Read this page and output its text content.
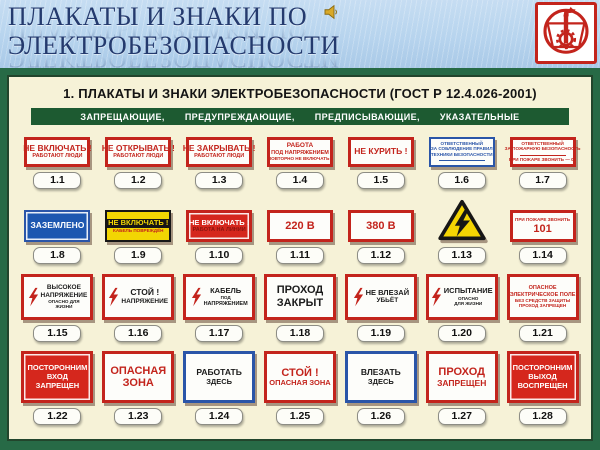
ПЛАКАТЫ И ЗНАКИ ПО
ЭЛЕКТРОБЕЗОПАСНОСТИ
1. ПЛАКАТЫ И ЗНАКИ ЭЛЕКТРОБЕЗОПАСНОСТИ (ГОСТ Р 12.4.026-2001)
ЗАПРЕЩАЮЩИЕ, ПРЕДУПРЕЖДАЮЩИЕ, ПРЕДПИСЫВАЮЩИЕ, УКАЗАТЕЛЬНЫЕ
НЕ ВКЛЮЧАТЬ !
РАБОТАЮТ ЛЮДИ
1.1
НЕ ОТКРЫВАТЬ !
РАБОТАЮТ ЛЮДИ
1.2
НЕ ЗАКРЫВАТЬ !
РАБОТАЮТ ЛЮДИ
1.3
РАБОТА
ПОД НАПРЯЖЕНИЕМ
ПОВТОРНО НЕ ВКЛЮЧАТЬ !
1.4
НЕ КУРИТЬ !
1.5
ОТВЕТСТВЕННЫЙ
ЗА СОБЛЮДЕНИЕ ПРАВИЛ
ТЕХНИКИ БЕЗОПАСНОСТИ
1.6
ОТВЕТСТВЕННЫЙ
ЗА ПОЖАРНУЮ БЕЗОПАСНОСТЬ
ПРИ ПОЖАРЕ ЗВОНИТЬ — 01
1.7
ЗАЗЕМЛЕНО
1.8
НЕ ВКЛЮЧАТЬ !
КАБЕЛЬ ПОВРЕЖДЁН
1.9
НЕ ВКЛЮЧАТЬ !
РАБОТА НА ЛИНИИ
1.10
220 В
1.11
380 В
1.12	1.13
ПРИ ПОЖАРЕ ЗВОНИТЬ
101
1.14
ВЫСОКОЕ
НАПРЯЖЕНИЕ
ОПАСНО ДЛЯ
ЖИЗНИ
1.15
СТОЙ !
НАПРЯЖЕНИЕ
1.16
КАБЕЛЬ
ПОД
НАПРЯЖЕНИЕМ
1.17
ПРОХОД
ЗАКРЫТ
1.18
НЕ ВЛЕЗАЙ
УБЬЁТ
1.19
ИСПЫТАНИЕ
ОПАСНО
ДЛЯ ЖИЗНИ
1.20
ОПАСНОЕ
ЭЛЕКТРИЧЕСКОЕ ПОЛЕ
БЕЗ СРЕДСТВ ЗАЩИТЫ
ПРОХОД ЗАПРЕЩЕН
1.21
ПОСТОРОННИМ
ВХОД
ЗАПРЕЩЕН
1.22
ОПАСНАЯ
ЗОНА
1.23
РАБОТАТЬ
ЗДЕСЬ
1.24
СТОЙ !
ОПАСНАЯ ЗОНА
1.25
ВЛЕЗАТЬ
ЗДЕСЬ
1.26
ПРОХОД
ЗАПРЕЩЕН
1.27
ПОСТОРОННИМ
ВЫХОД
ВОСПРЕЩЕН
1.28
